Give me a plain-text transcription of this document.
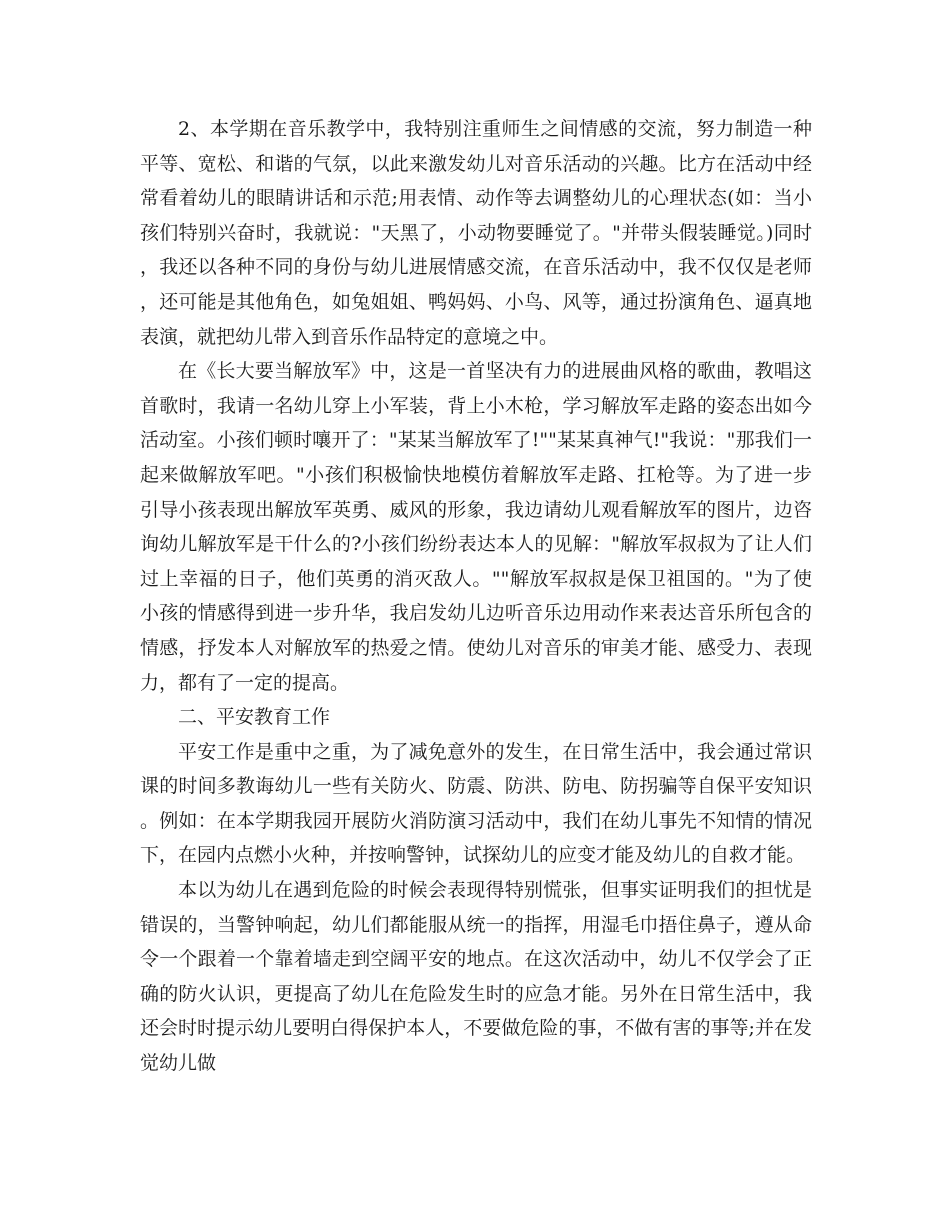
2、本学期在音乐教学中，我特别注重师生之间情感的交流，努力制造一种平等、宽松、和谐的气氛，以此来激发幼儿对音乐活动的兴趣。比方在活动中经常看着幼儿的眼睛讲话和示范;用表情、动作等去调整幼儿的心理状态(如：当小孩们特别兴奋时，我就说："天黑了，小动物要睡觉了。"并带头假装睡觉。)同时，我还以各种不同的身份与幼儿进展情感交流，在音乐活动中，我不仅仅是老师，还可能是其他角色，如兔姐姐、鸭妈妈、小鸟、风等，通过扮演角色、逼真地表演，就把幼儿带入到音乐作品特定的意境之中。

在《长大要当解放军》中，这是一首坚决有力的进展曲风格的歌曲，教唱这首歌时，我请一名幼儿穿上小军装，背上小木枪，学习解放军走路的姿态出如今活动室。小孩们顿时嚷开了："某某当解放军了!""某某真神气!"我说："那我们一起来做解放军吧。"小孩们积极愉快地模仿着解放军走路、扛枪等。为了进一步引导小孩表现出解放军英勇、威风的形象，我边请幼儿观看解放军的图片，边咨询幼儿解放军是干什么的?小孩们纷纷表达本人的见解："解放军叔叔为了让人们过上幸福的日子，他们英勇的消灭敌人。""解放军叔叔是保卫祖国的。"为了使小孩的情感得到进一步升华，我启发幼儿边听音乐边用动作来表达音乐所包含的情感，抒发本人对解放军的热爱之情。使幼儿对音乐的审美才能、感受力、表现力，都有了一定的提高。

二、平安教育工作

平安工作是重中之重，为了减免意外的发生，在日常生活中，我会通过常识课的时间多教诲幼儿一些有关防火、防震、防洪、防电、防拐骗等自保平安知识。例如：在本学期我园开展防火消防演习活动中，我们在幼儿事先不知情的情况下，在园内点燃小火种，并按响警钟，试探幼儿的应变才能及幼儿的自救才能。

本以为幼儿在遇到危险的时候会表现得特别慌张，但事实证明我们的担忧是错误的，当警钟响起，幼儿们都能服从统一的指挥，用湿毛巾捂住鼻子，遵从命令一个跟着一个靠着墙走到空阔平安的地点。在这次活动中，幼儿不仅学会了正确的防火认识，更提高了幼儿在危险发生时的应急才能。另外在日常生活中，我还会时时提示幼儿要明白得保护本人，不要做危险的事，不做有害的事等;并在发觉幼儿做
